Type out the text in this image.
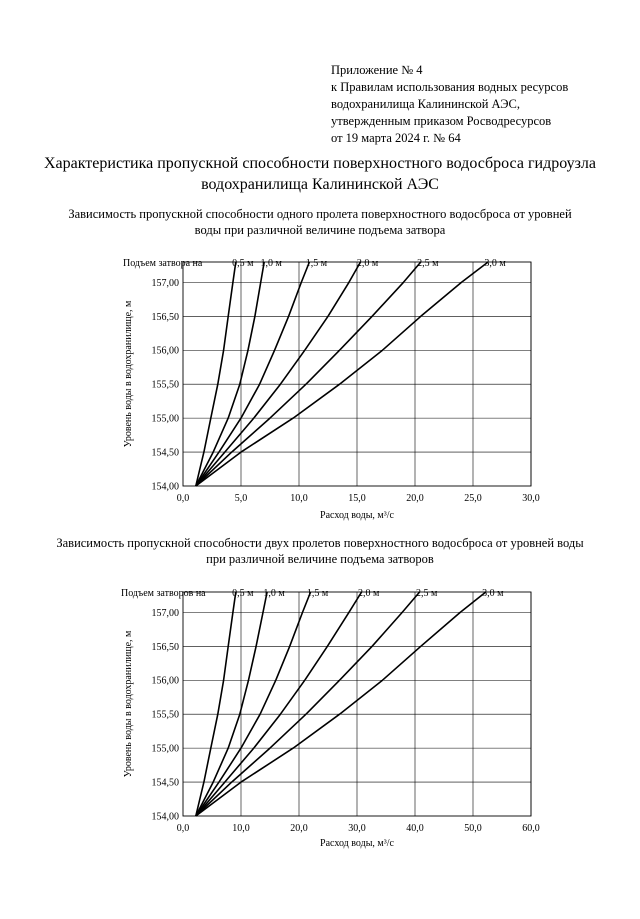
Приложение № 4
к Правилам использования водных ресурсов
водохранилища Калининской АЭС,
утвержденным приказом Росводресурсов
от 19 марта 2024 г. № 64
Характеристика пропускной способности поверхностного водосброса гидроузла
водохранилища Калининской АЭС
Зависимость пропускной способности одного пролета поверхностного водосброса от уровней
воды при различной величине подъема затвора
0,0	5,0	10,0	15,0	20,0	25,0	30,0
154,00
154,50
155,00
155,50
156,00
156,50
157,00
Расход воды, м³/с
Уровень воды в водохранилище, м
Подъем затвора на	0,5 м 1,0 м 1,5 м	2,0 м	2,5 м	3,0 м
Зависимость пропускной способности двух пролетов поверхностного водосброса от уровней воды
при различной величине подъема затворов
0,0	10,0	20,0	30,0	40,0	50,0	60,0
154,00
154,50
155,00
155,50
156,00
156,50
157,00
Расход воды, м³/с
Уровень воды в водохранилище, м
Подъем затворов на	0,5 м 1,0 м 1,5 м	2,0 м	2,5 м	3,0 м
